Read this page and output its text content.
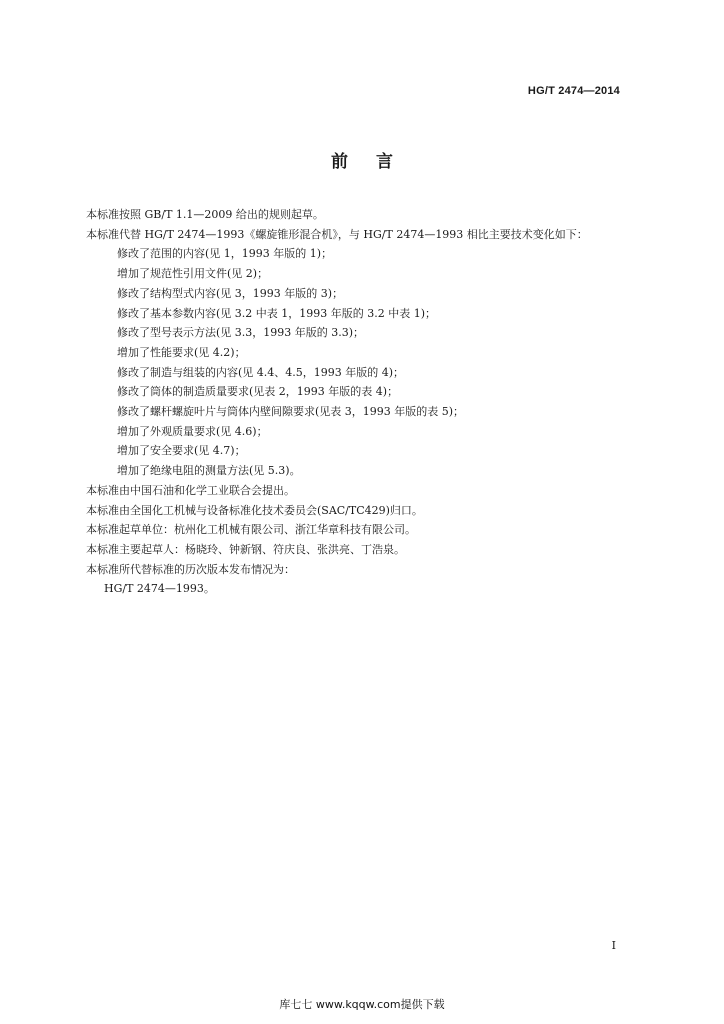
HG/T 2474—2014
前言

本标准按照 GB/T 1.1—2009 给出的规则起草。

本标准代替 HG/T 2474—1993《螺旋锥形混合机》，与 HG/T 2474—1993 相比主要技术变化如下：

修改了范围的内容(见 1，1993 年版的 1)；

增加了规范性引用文件(见 2)；

修改了结构型式内容(见 3，1993 年版的 3)；

修改了基本参数内容(见 3.2 中表 1，1993 年版的 3.2 中表 1)；

修改了型号表示方法(见 3.3，1993 年版的 3.3)；

增加了性能要求(见 4.2)；

修改了制造与组装的内容(见 4.4、4.5，1993 年版的 4)；

修改了筒体的制造质量要求(见表 2，1993 年版的表 4)；

修改了螺杆螺旋叶片与筒体内壁间隙要求(见表 3，1993 年版的表 5)；

增加了外观质量要求(见 4.6)；

增加了安全要求(见 4.7)；

增加了绝缘电阻的测量方法(见 5.3)。

本标准由中国石油和化学工业联合会提出。

本标准由全国化工机械与设备标准化技术委员会(SAC/TC429)归口。

本标准起草单位：杭州化工机械有限公司、浙江华章科技有限公司。

本标准主要起草人：杨晓玲、钟新钢、符庆良、张洪亮、丁浩泉。

本标准所代替标准的历次版本发布情况为：

HG/T 2474—1993。

I
库七七 www.kqqw.com提供下载
